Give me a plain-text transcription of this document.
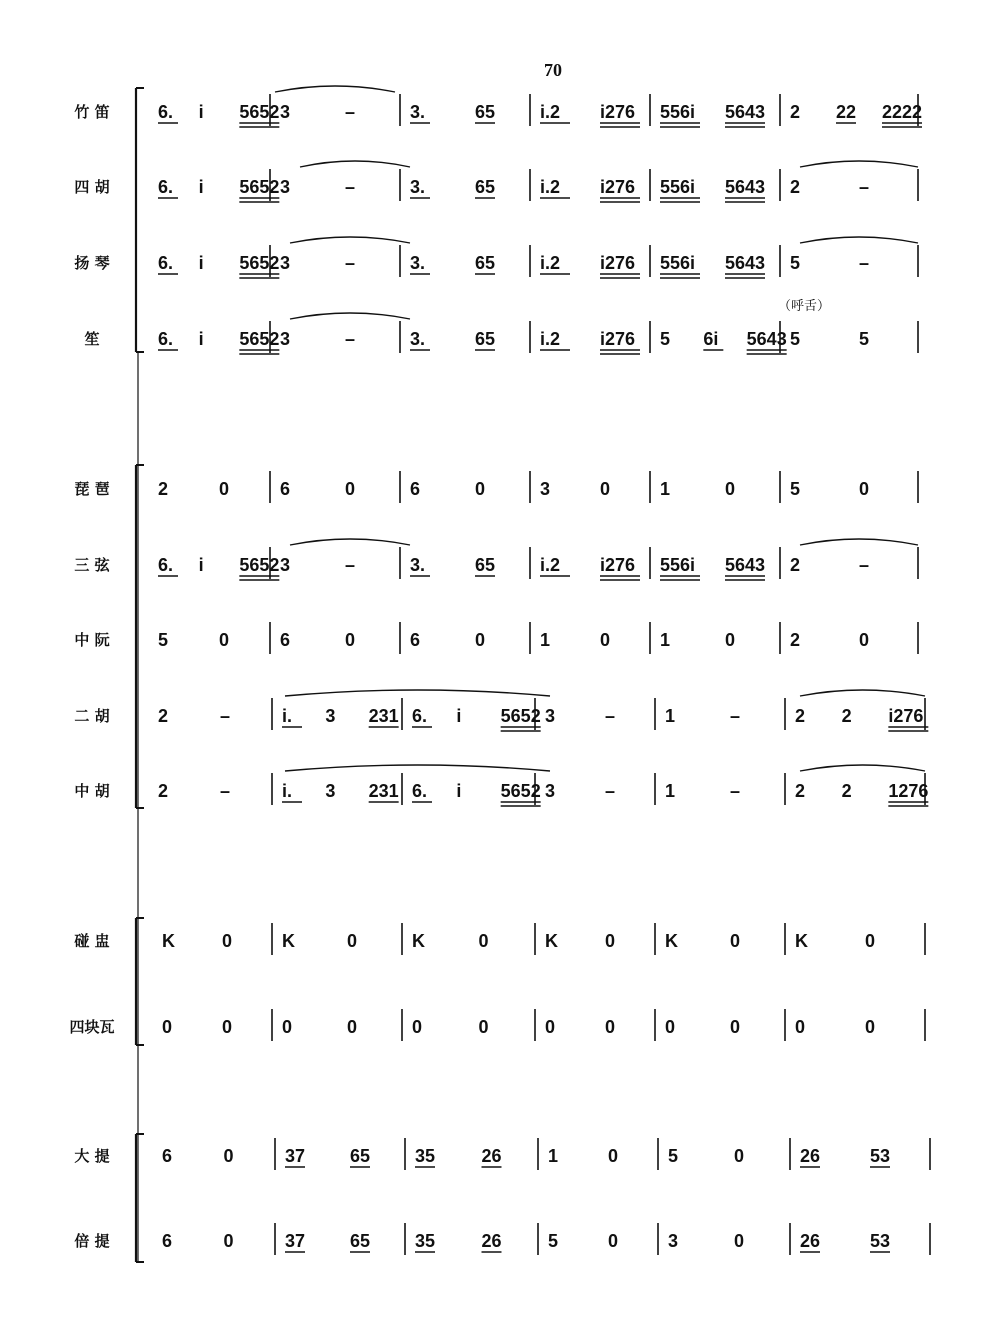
70
竹 笛	6. i 5652 3	–	3.	65 i.2 i276 556i 5643 2 22 2222
四 胡	6. i 5652 3	–	3.	65 i.2 i276 556i 5643 2	–
扬 琴	6. i 5652 3	–	3.	65 i.2 i276 556i 5643 5	–
笙	6. i 5652 3	–	3.	65 i.2 i276 5 6i 5643 5	5
琵 琶	2	0	6	0	6	0	3	0	1	0	5	0
三 弦	6. i 5652 3	–	3.	65 i.2 i276 556i 5643 2	–
中 阮	5	0	6	0	6	0	1	0	1	0	2	0
二 胡	2	–	i. 3 231 6. i 5652 3	–	1	–	2 2 i276
中 胡	2	–	i. 3 231 6. i 5652 3	–	1	–	2 2 1276
碰 盅	K	0	K	0	K	0	K	0	K	0	K	0
四块瓦	0	0	0	0	0	0	0	0	0	0	0	0
大 提	6	0	37 65 35	26	1	0	5	0	26	53
倍 提	6	0	37 65 35	26	5	0	3	0	26	53
（呼舌）
